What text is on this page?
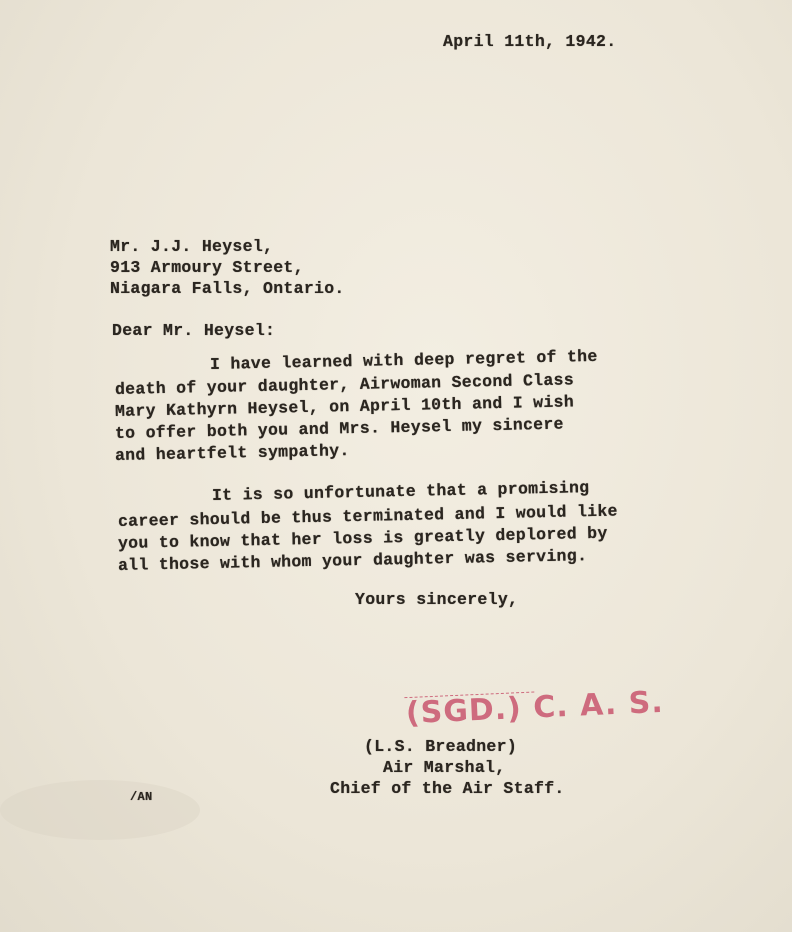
April 11th, 1942.
Mr. J.J. Heysel,
913 Armoury Street,
Niagara Falls, Ontario.
Dear Mr. Heysel:
I have learned with deep regret of the
death of your daughter, Airwoman Second Class
Mary Kathyrn Heysel, on April 10th and I wish
to offer both you and Mrs. Heysel my sincere
and heartfelt sympathy.
It is so unfortunate that a promising
career should be thus terminated and I would like
you to know that her loss is greatly deplored by
all those with whom your daughter was serving.
Yours sincerely,

(SGD.) C. A. S.

(L.S. Breadner)
Air Marshal,
Chief of the Air Staff.
/AN
